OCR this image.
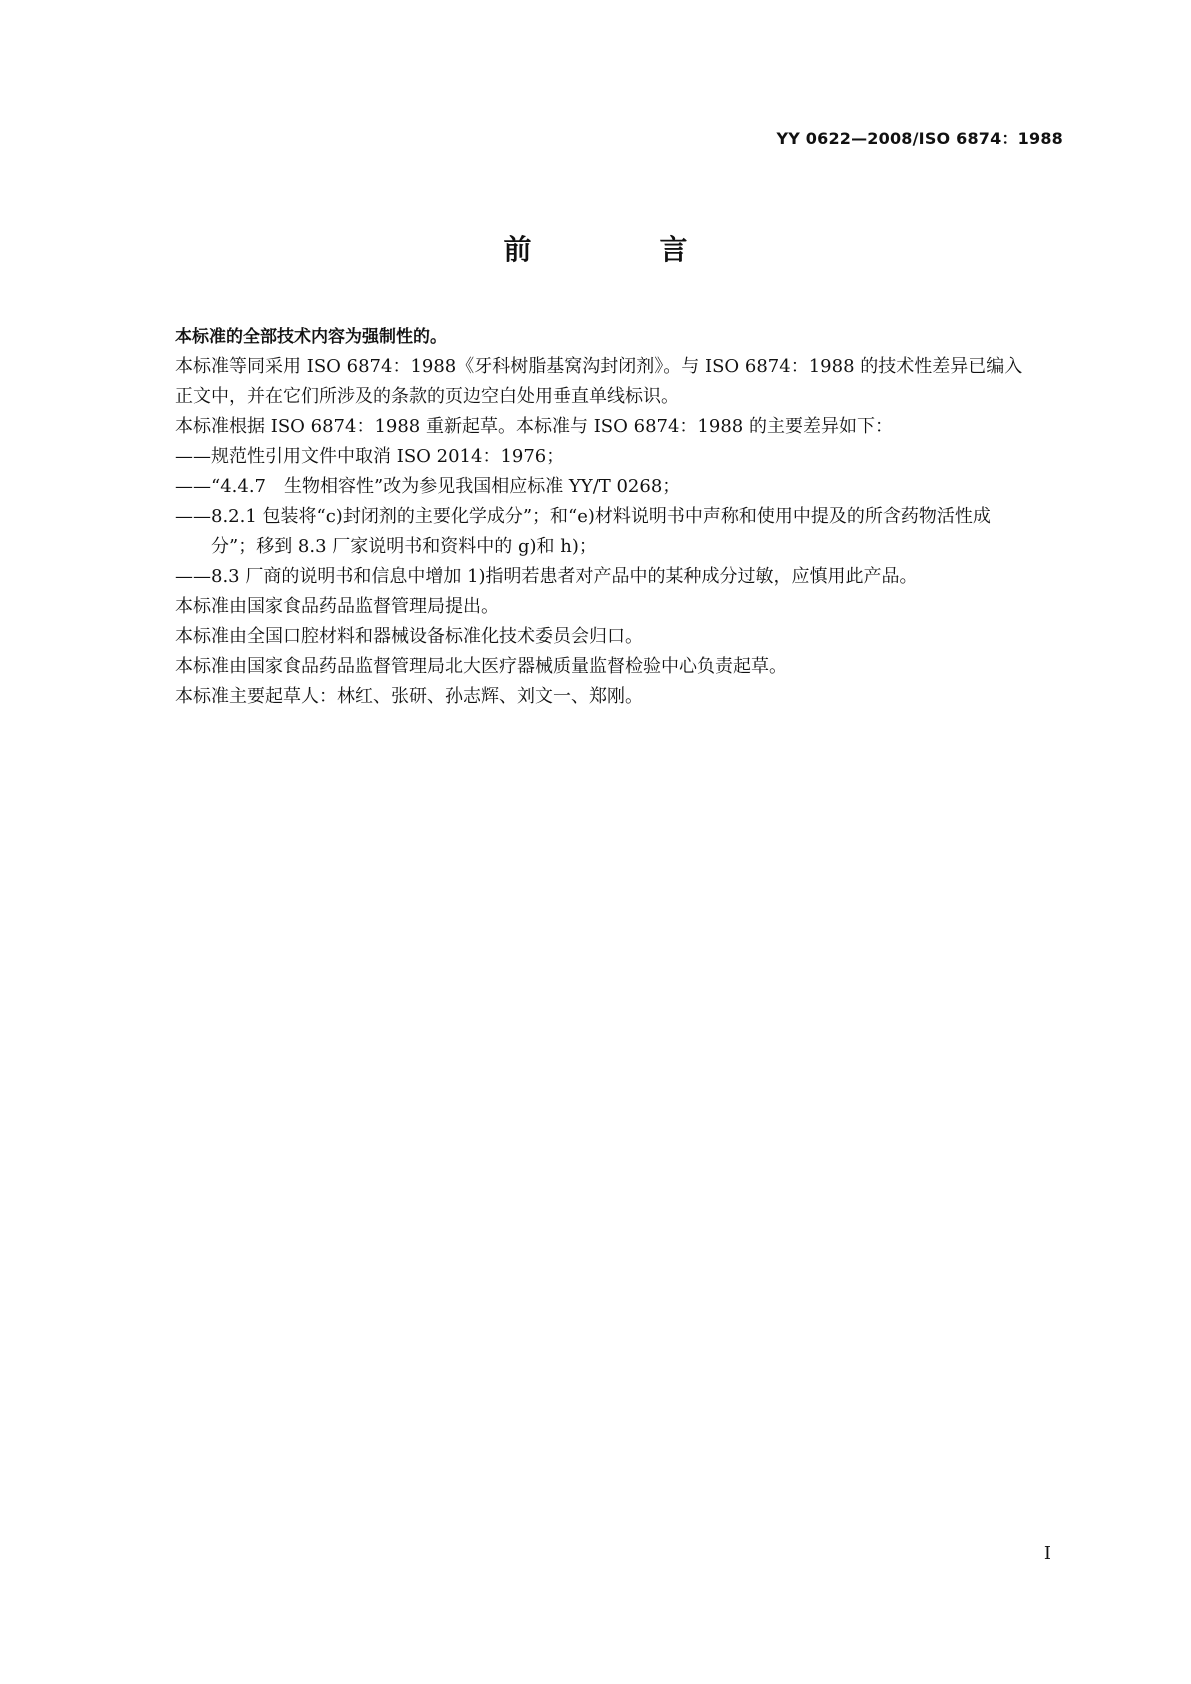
YY 0622—2008/ISO 6874：1988
前　言

本标准的全部技术内容为强制性的。

本标准等同采用 ISO 6874：1988《牙科树脂基窝沟封闭剂》。与 ISO 6874：1988 的技术性差异已编入正文中，并在它们所涉及的条款的页边空白处用垂直单线标识。

本标准根据 ISO 6874：1988 重新起草。本标准与 ISO 6874：1988 的主要差异如下：

——规范性引用文件中取消 ISO 2014：1976；

——“4.4.7　生物相容性”改为参见我国相应标准 YY/T 0268；

——8.2.1 包装将“c)封闭剂的主要化学成分”；和“e)材料说明书中声称和使用中提及的所含药物活性成分”；移到 8.3 厂家说明书和资料中的 g)和 h)；

——8.3 厂商的说明书和信息中增加 1)指明若患者对产品中的某种成分过敏，应慎用此产品。

本标准由国家食品药品监督管理局提出。

本标准由全国口腔材料和器械设备标准化技术委员会归口。

本标准由国家食品药品监督管理局北大医疗器械质量监督检验中心负责起草。

本标准主要起草人：林红、张研、孙志辉、刘文一、郑刚。

I
